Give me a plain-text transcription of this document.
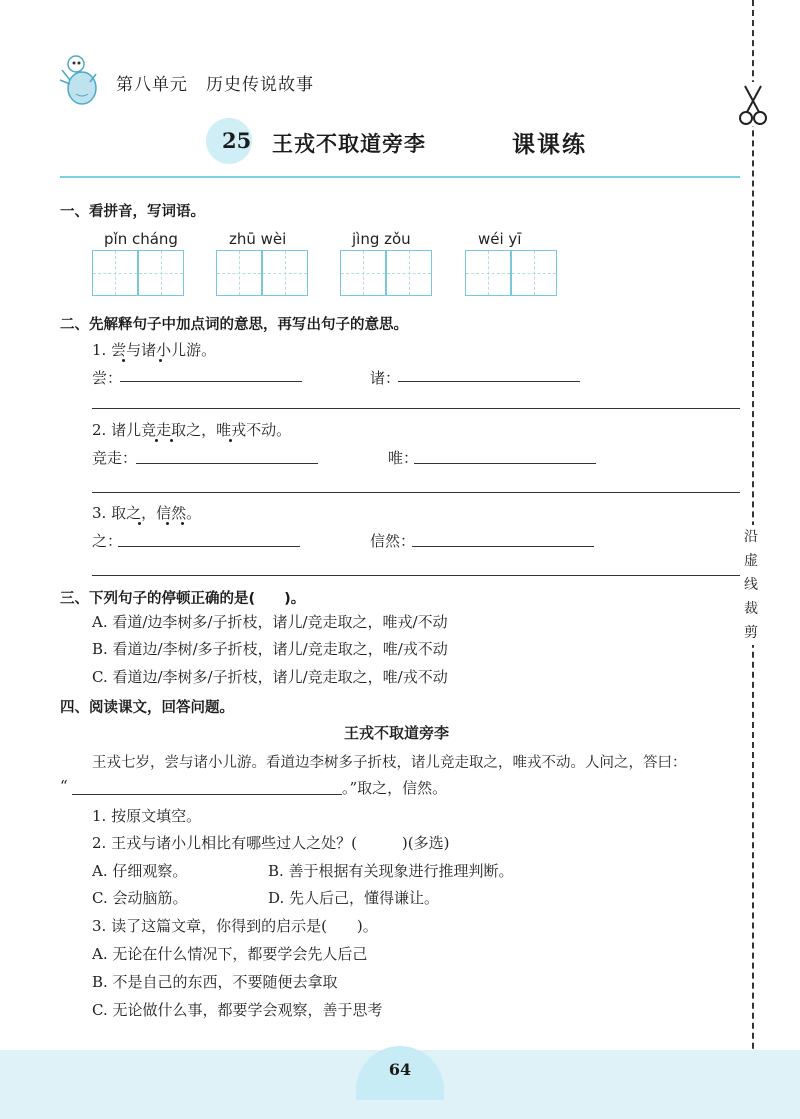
第八单元　历史传说故事
25 王戎不取道旁李	课课练
沿
虚
线
裁
剪
一、看拼音，写词语。
pǐn cháng	zhū wèi	jìng zǒu	wéi yī
二、先解释句子中加点词的意思，再写出句子的意思。
1. 尝与诸小儿游。
尝：	诸：
2. 诸儿竞走取之，唯戎不动。
竞走：	唯：
3. 取之，信然。
之：	信然：
三、下列句子的停顿正确的是(　　)。
A. 看道/边李树多/子折枝，诸儿/竞走取之，唯戎/不动
B. 看道边/李树/多子折枝，诸儿/竞走取之，唯/戎不动
C. 看道边/李树多/子折枝，诸儿/竞走取之，唯/戎不动
四、阅读课文，回答问题。
王戎不取道旁李
王戎七岁，尝与诸小儿游。看道边李树多子折枝，诸儿竞走取之，唯戎不动。人问之，答曰：
“	。”取之，信然。
1. 按原文填空。
2. 王戎与诸小儿相比有哪些过人之处？(　　　)(多选)
A. 仔细观察。	B. 善于根据有关现象进行推理判断。
C. 会动脑筋。	D. 先人后己，懂得谦让。
3. 读了这篇文章，你得到的启示是(　　)。
A. 无论在什么情况下，都要学会先人后己
B. 不是自己的东西，不要随便去拿取
C. 无论做什么事，都要学会观察，善于思考
64
